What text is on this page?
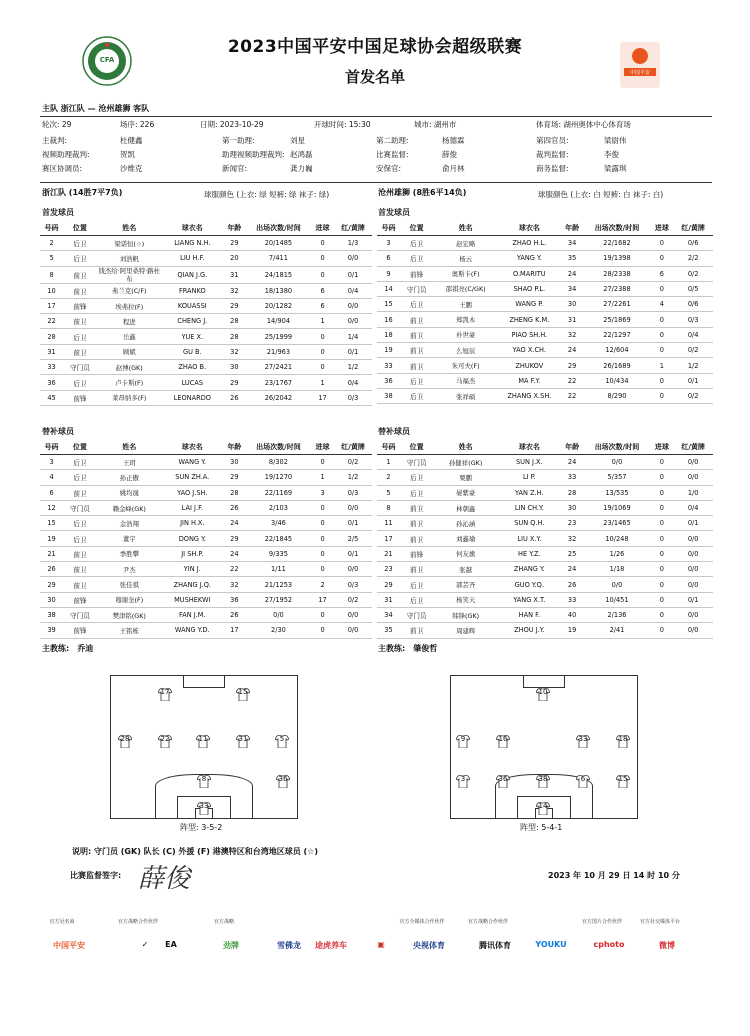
CFA
中国平安
2023中国平安中国足球协会超级联赛
首发名单
主队 浙江队 — 沧州雄狮 客队
轮次: 29	场序: 226	日期: 2023-10-29	开球时间: 15:30	城市: 湖州市	体育场: 湖州奥体中心体育场
主裁判:	杜健鑫	第一助理:	刘星	第二助理:	杨德霖	第四官员:	梁尉伟
视频助理裁判:	贺凯	助理视频助理裁判: 赵鸿磊	比赛监督:	薛俊	裁判监督:	李俊
赛区协调员:	沙维克	新闻官:	龚力巍	安保官:	俞月林	商务监督:	梁露琪
浙江队 (14胜7平7负)	球服颜色 (上衣: 绿 短裤: 绿 袜子: 绿)	沧州雄狮 (8胜6平14负)	球服颜色 (上衣: 白 短裤: 白 袜子: 白)
首发球员	首发球员
号码	位置	姓名	球衣名	年龄	出场次数/时间	进球	红/黄牌
2	后卫	梁诺恒(☆)	LIANG N.H.	29	20/1485	0	1/3
5	后卫	刘浩帆	LIU H.F.	20	7/411	0	0/0
8	前卫	钱杰给·阿里桑特·路杜布	QIAN J.G.	31	24/1815	0	0/1
10	前卫	弗兰克(C/F)	FRANKO	32	18/1380	6	0/4
17	前锋	埃弗拉(F)	KOUASSI	29	20/1282	6	0/0
22	前卫	程进	CHENG J.	28	14/904	1	0/0
28	后卫	岳鑫	YUE X.	28	25/1999	0	1/4
31	前卫	顾斌	GU B.	32	21/963	0	0/1
33	守门员	赵博(GK)	ZHAO B.	30	27/2421	0	1/2
36	后卫	卢卡斯(F)	LUCAS	29	23/1767	1	0/4
45	前锋	莱昂纳多(F)	LEONARDO	26	26/2042	17	0/3
号码	位置	姓名	球衣名	年龄	出场次数/时间	进球	红/黄牌
3	后卫	赵宏略	ZHAO H.L.	34	22/1682	0	0/6
6	后卫	杨云	YANG Y.	35	19/1398	0	2/2
9	前锋	奥斯卡(F)	O.MARITU	24	28/2338	6	0/2
14	守门员	邵祺亮(C/GK)	SHAO P.L.	34	27/2388	0	0/5
15	后卫	王鹏	WANG P.	30	27/2261	4	0/6
16	前卫	郑凯木	ZHENG K.M.	31	25/1869	0	0/3
18	前卫	朴世豪	PIAO SH.H.	32	22/1297	0	0/4
19	前卫	么旭辰	YAO X.CH.	24	12/604	0	0/2
33	前卫	朱可夫(F)	ZHUKOV	29	26/1689	1	1/2
36	后卫	马福杰	MA F.Y.	22	10/434	0	0/1
38	后卫	张祥硕	ZHANG X.SH.	22	8/290	0	0/2
替补球员	替补球员
号码	位置	姓名	球衣名	年龄	出场次数/时间	进球	红/黄牌
3	后卫	王玥	WANG Y.	30	8/302	0	0/2
4	后卫	孙正傲	SUN ZH.A.	29	19/1270	1	1/2
6	前卫	姚均晟	YAO J.SH.	28	22/1169	3	0/3
12	守门员	赖金峰(GK)	LAI J.F.	26	2/103	0	0/0
15	后卫	金浩翔	JIN H.X.	24	3/46	0	0/1
19	后卫	董宇	DONG Y.	29	22/1845	0	2/5
21	前卫	季胜攀	JI SH.P.	24	9/335	0	0/1
26	前卫	尹杰	YIN J.	22	1/11	0	0/0
29	前卫	张佳祺	ZHANG J.Q.	32	21/1253	2	0/3
30	前锋	穆谢奎(F)	MUSHEKWI	36	27/1952	17	0/2
38	守门员	樊津铭(GK)	FAN J.M.	26	0/0	0	0/0
39	前锋	王铭栋	WANG Y.D.	17	2/30	0	0/0
号码	位置	姓名	球衣名	年龄	出场次数/时间	进球	红/黄牌
1	守门员	孙健祥(GK)	SUN J.X.	24	0/0	0	0/0
2	后卫	栗鹏	LI P.	33	5/357	0	0/0
5	后卫	晏紫豪	YAN Z.H.	28	13/535	0	1/0
8	前卫	林朝鑫	LIN CH.Y.	30	19/1069	0	0/4
11	前卫	孙沁涵	SUN Q.H.	23	23/1465	0	0/1
17	前卫	刘鑫瑜	LIU X.Y.	32	10/248	0	0/0
21	前锋	何友旗	HE Y.Z.	25	1/26	0	0/0
23	前卫	张越	ZHANG Y.	24	1/18	0	0/0
29	后卫	郭芸齐	GUO Y.Q.	26	0/0	0	0/0
31	后卫	杨笑天	YANG X.T.	33	10/451	0	0/1
34	守门员	韩锋(GK)	HAN F.	40	2/136	0	0/0
35	前卫	周建辉	ZHOU J.Y.	19	2/41	0	0/0
主教练:　乔迪	主教练:　肇俊哲
17	15
28	22	11	31	5
8	36
33
阵型: 3-5-2
10
9	33
16	18
3	36	38	6	15
14
阵型: 5-4-1
说明: 守门员 (GK) 队长 (C) 外援 (F) 港澳特区和台湾地区球员 (☆)
比赛监督签字: 薛俊	2023 年 10 月 29 日 14 时 10 分
官方冠名商
中国平安
官方战略合作伙伴
✓	EA
官方战略
劲牌	雪佛龙	途虎养车	▣
官方全媒体合作伙伴
央视体育
官方战略合作伙伴
腾讯体育	YOUKU
官方图片合作伙伴
cphoto
官方社交媒体平台
微博
